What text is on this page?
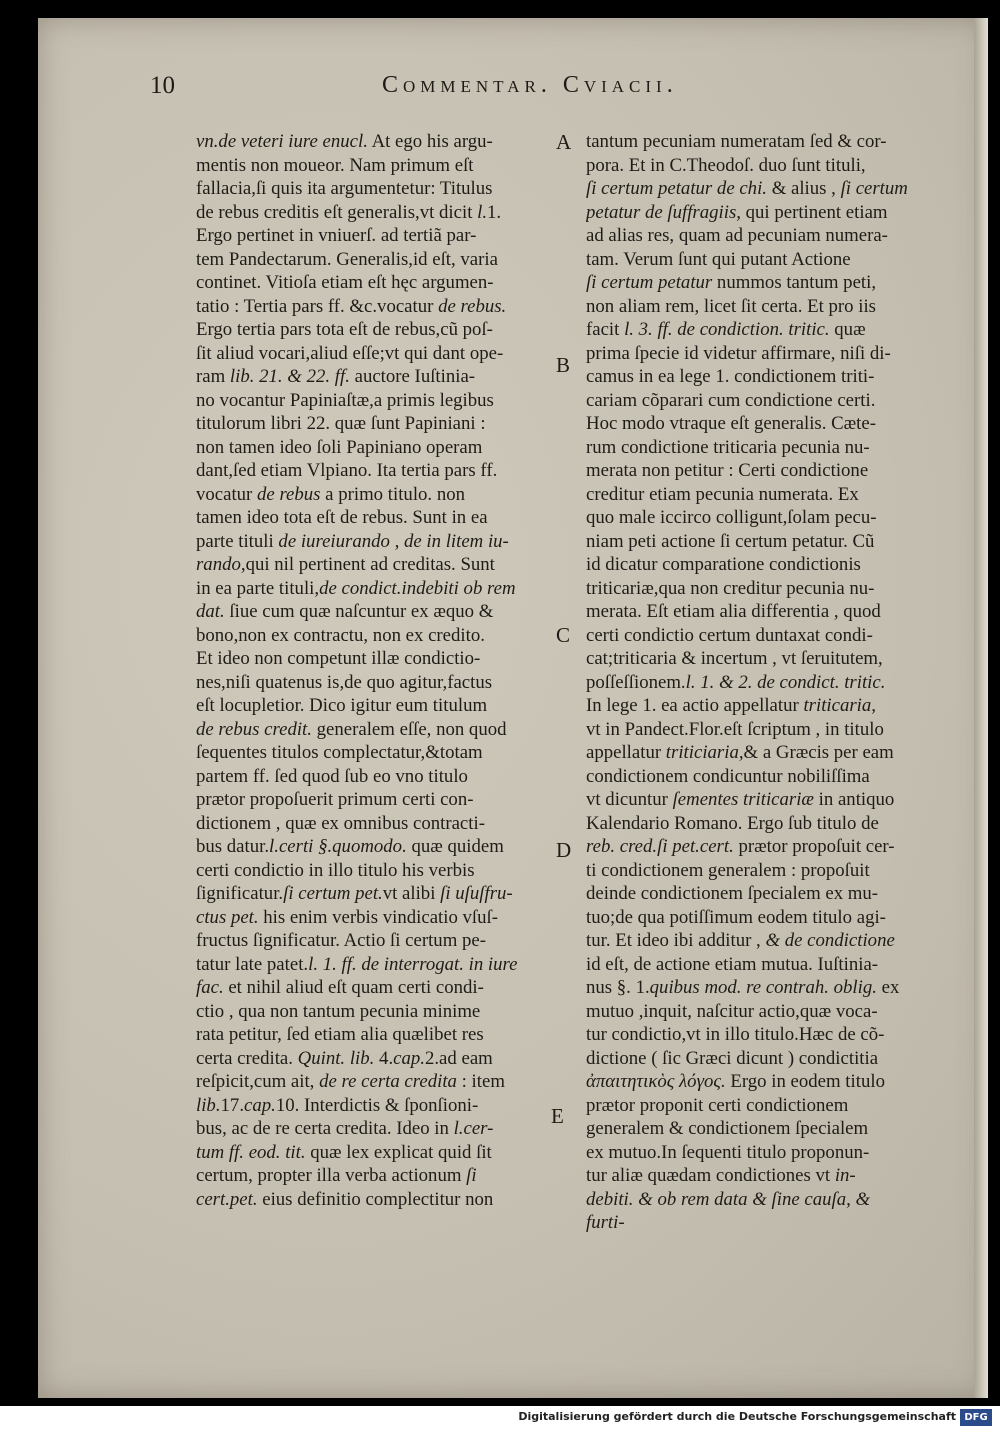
10	Commentar. Cviacii.
vn.de veteri iure enucl. At ego his argu-
mentis non moueor. Nam primum eſt
fallacia,ſi quis ita argumentetur: Titulus
de rebus creditis eſt generalis,vt dicit l.1.
Ergo pertinet in vniuerſ. ad tertiã par-
tem Pandectarum. Generalis,id eſt, varia
continet. Vitioſa etiam eſt hęc argumen-
tatio : Tertia pars ff. &c.vocatur de rebus.
Ergo tertia pars tota eſt de rebus,cũ poſ-
ſit aliud vocari,aliud eſſe;vt qui dant ope-
ram lib. 21. & 22. ff. auctore Iuſtinia-
no vocantur Papiniaſtæ,a primis legibus
titulorum libri 22. quæ ſunt Papiniani :
non tamen ideo ſoli Papiniano operam
dant,ſed etiam Vlpiano. Ita tertia pars ff.
vocatur de rebus a primo titulo. non
tamen ideo tota eſt de rebus. Sunt in ea
parte tituli de iureiurando , de in litem iu-
rando,qui nil pertinent ad creditas. Sunt
in ea parte tituli,de condict.indebiti ob rem
dat. ſiue cum quæ naſcuntur ex æquo &
bono,non ex contractu, non ex credito.
Et ideo non competunt illæ condictio-
nes,niſi quatenus is,de quo agitur,factus
eſt locupletior. Dico igitur eum titulum
de rebus credit. generalem eſſe, non quod
ſequentes titulos complectatur,&totam
partem ff. ſed quod ſub eo vno titulo
prætor propoſuerit primum certi con-
dictionem , quæ ex omnibus contracti-
bus datur.l.certi §.quomodo. quæ quidem
certi condictio in illo titulo his verbis
ſignificatur.ſi certum pet.vt alibi ſi uſuſfru-
ctus pet. his enim verbis vindicatio vſuſ-
fructus ſignificatur. Actio ſi certum pe-
tatur late patet.l. 1. ff. de interrogat. in iure
fac. et nihil aliud eſt quam certi condi-
ctio , qua non tantum pecunia minime
rata petitur, ſed etiam alia quælibet res
certa credita. Quint. lib. 4.cap.2.ad eam
reſpicit,cum ait, de re certa credita : item
lib.17.cap.10. Interdictis & ſponſioni-
bus, ac de re certa credita. Ideo in l.cer-
tum ff. eod. tit. quæ lex explicat quid ſit
certum, propter illa verba actionum ſi
cert.pet. eius definitio complectitur non
tantum pecuniam numeratam ſed & cor-
pora. Et in C.Theodoſ. duo ſunt tituli,
ſi certum petatur de chi. & alius , ſi certum
petatur de ſuffragiis, qui pertinent etiam
ad alias res, quam ad pecuniam numera-
tam. Verum ſunt qui putant Actione
ſi certum petatur nummos tantum peti,
non aliam rem, licet ſit certa. Et pro iis
facit l. 3. ff. de condiction. tritic. quæ
prima ſpecie id videtur affirmare, niſi di-
camus in ea lege 1. condictionem triti-
cariam cõparari cum condictione certi.
Hoc modo vtraque eſt generalis. Cæte-
rum condictione triticaria pecunia nu-
merata non petitur : Certi condictione
creditur etiam pecunia numerata. Ex
quo male iccirco colligunt,ſolam pecu-
niam peti actione ſi certum petatur. Cũ
id dicatur comparatione condictionis
triticariæ,qua non creditur pecunia nu-
merata. Eſt etiam alia differentia , quod
certi condictio certum duntaxat condi-
cat;triticaria & incertum , vt ſeruitutem,
poſſeſſionem.l. 1. & 2. de condict. tritic.
In lege 1. ea actio appellatur triticaria,
vt in Pandect.Flor.eſt ſcriptum , in titulo
appellatur triticiaria,& a Græcis per eam
condictionem condicuntur nobiliſſima
vt dicuntur ſementes triticariæ in antiquo
Kalendario Romano. Ergo ſub titulo de
reb. cred.ſi pet.cert. prætor propoſuit cer-
ti condictionem generalem : propoſuit
deinde condictionem ſpecialem ex mu-
tuo;de qua potiſſimum eodem titulo agi-
tur. Et ideo ibi additur , & de condictione
id eſt, de actione etiam mutua. Iuſtinia-
nus §. 1.quibus mod. re contrah. oblig. ex
mutuo ,inquit, naſcitur actio,quæ voca-
tur condictio,vt in illo titulo.Hæc de cõ-
dictione ( ſic Græci dicunt ) condictitia
ἀπαιτητικὸς λόγος. Ergo in eodem titulo
prætor proponit certi condictionem
generalem & condictionem ſpecialem
ex mutuo.In ſequenti titulo proponun-
tur aliæ quædam condictiones vt in-
debiti. & ob rem data & ſine cauſa, &
furti-
A
B
C
D
E
Digitalisierung gefördert durch die Deutsche Forschungsgemeinschaft DFG
